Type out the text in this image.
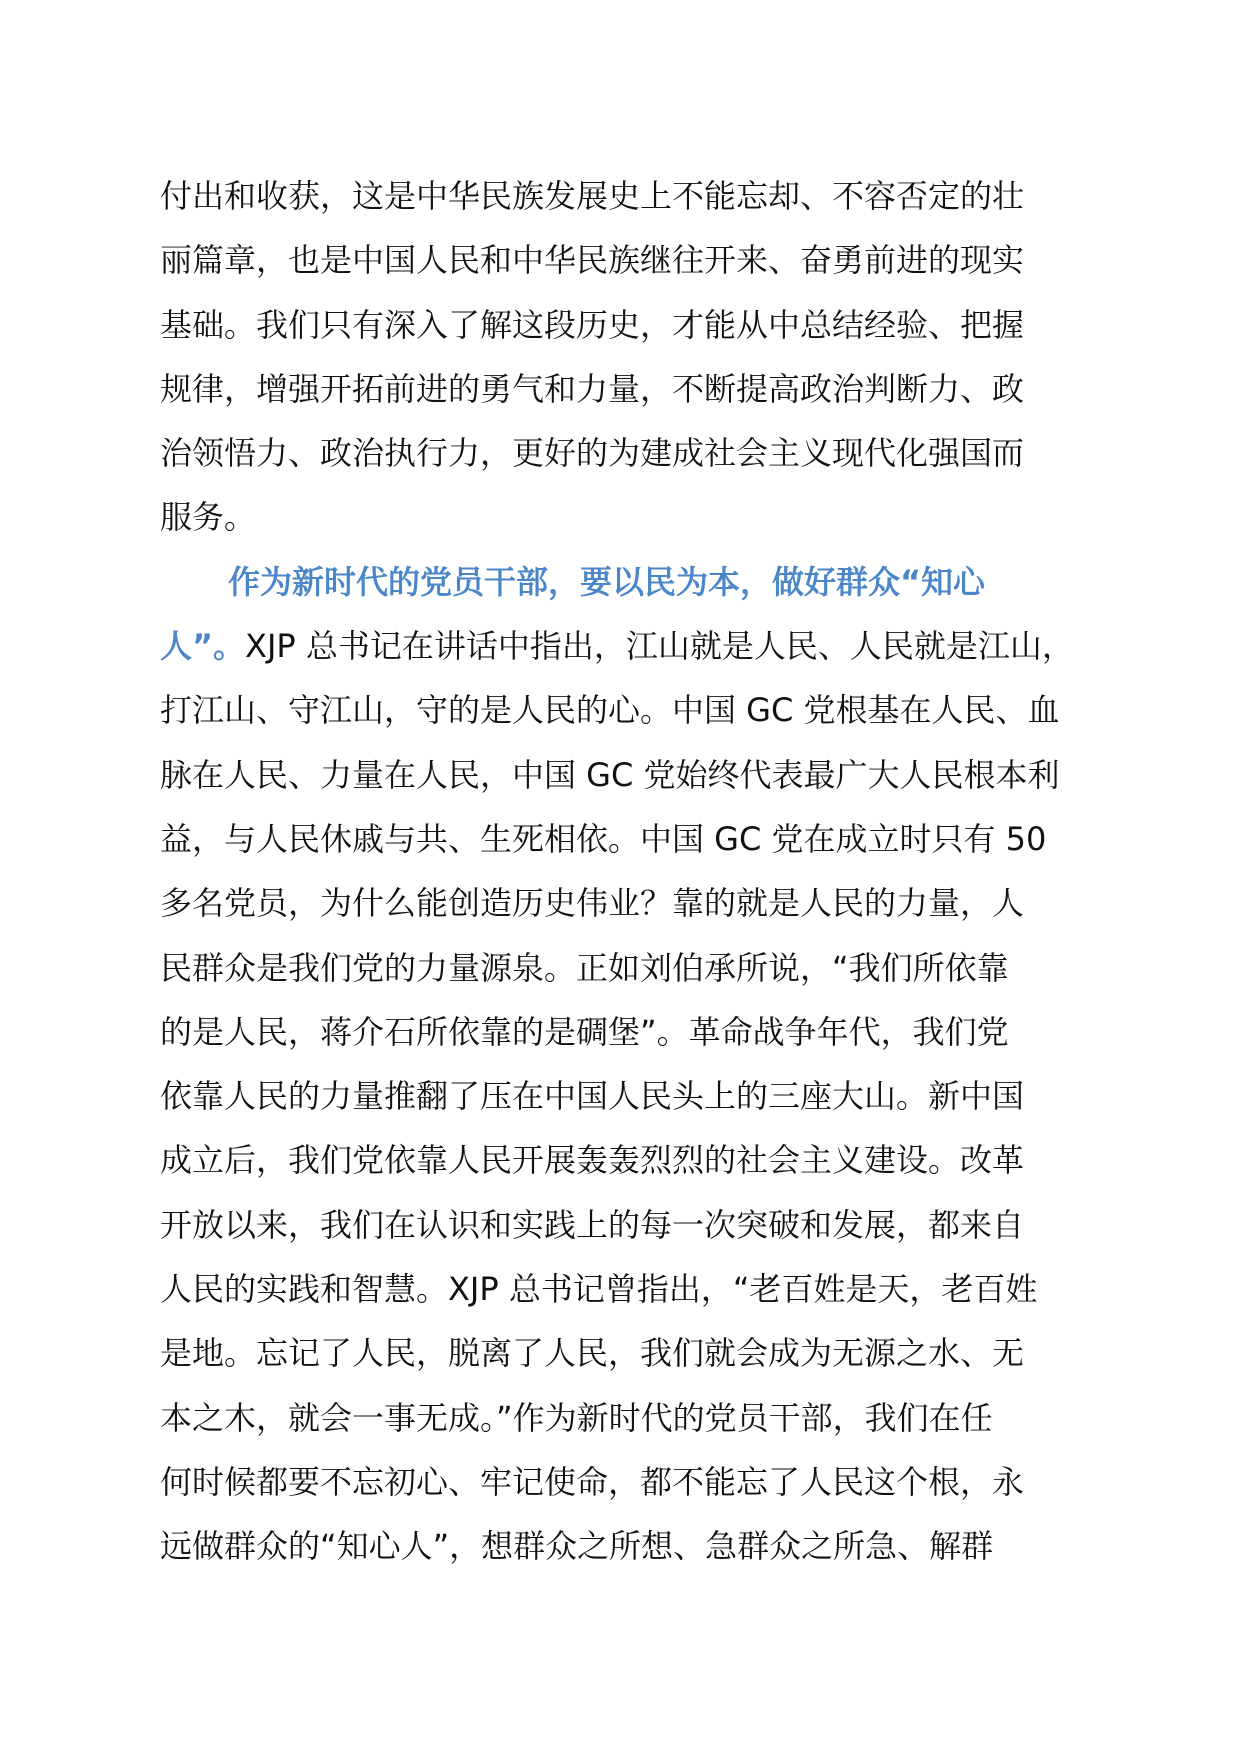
付出和收获，这是中华民族发展史上不能忘却、不容否定的壮
丽篇章，也是中国人民和中华民族继往开来、奋勇前进的现实
基础。我们只有深入了解这段历史，才能从中总结经验、把握
规律，增强开拓前进的勇气和力量，不断提高政治判断力、政
治领悟力、政治执行力，更好的为建成社会主义现代化强国而
服务。
作为新时代的党员干部，要以民为本，做好群众“知心
人”。XJP 总书记在讲话中指出，江山就是人民、人民就是江山，
打江山、守江山，守的是人民的心。中国 GC 党根基在人民、血
脉在人民、力量在人民，中国 GC 党始终代表最广大人民根本利
益，与人民休戚与共、生死相依。中国 GC 党在成立时只有 50
多名党员，为什么能创造历史伟业？靠的就是人民的力量，人
民群众是我们党的力量源泉。正如刘伯承所说，“我们所依靠
的是人民，蒋介石所依靠的是碉堡”。革命战争年代，我们党
依靠人民的力量推翻了压在中国人民头上的三座大山。新中国
成立后，我们党依靠人民开展轰轰烈烈的社会主义建设。改革
开放以来，我们在认识和实践上的每一次突破和发展，都来自
人民的实践和智慧。XJP 总书记曾指出，“老百姓是天，老百姓
是地。忘记了人民，脱离了人民，我们就会成为无源之水、无
本之木，就会一事无成。”作为新时代的党员干部，我们在任
何时候都要不忘初心、牢记使命，都不能忘了人民这个根，永
远做群众的“知心人”，想群众之所想、急群众之所急、解群
